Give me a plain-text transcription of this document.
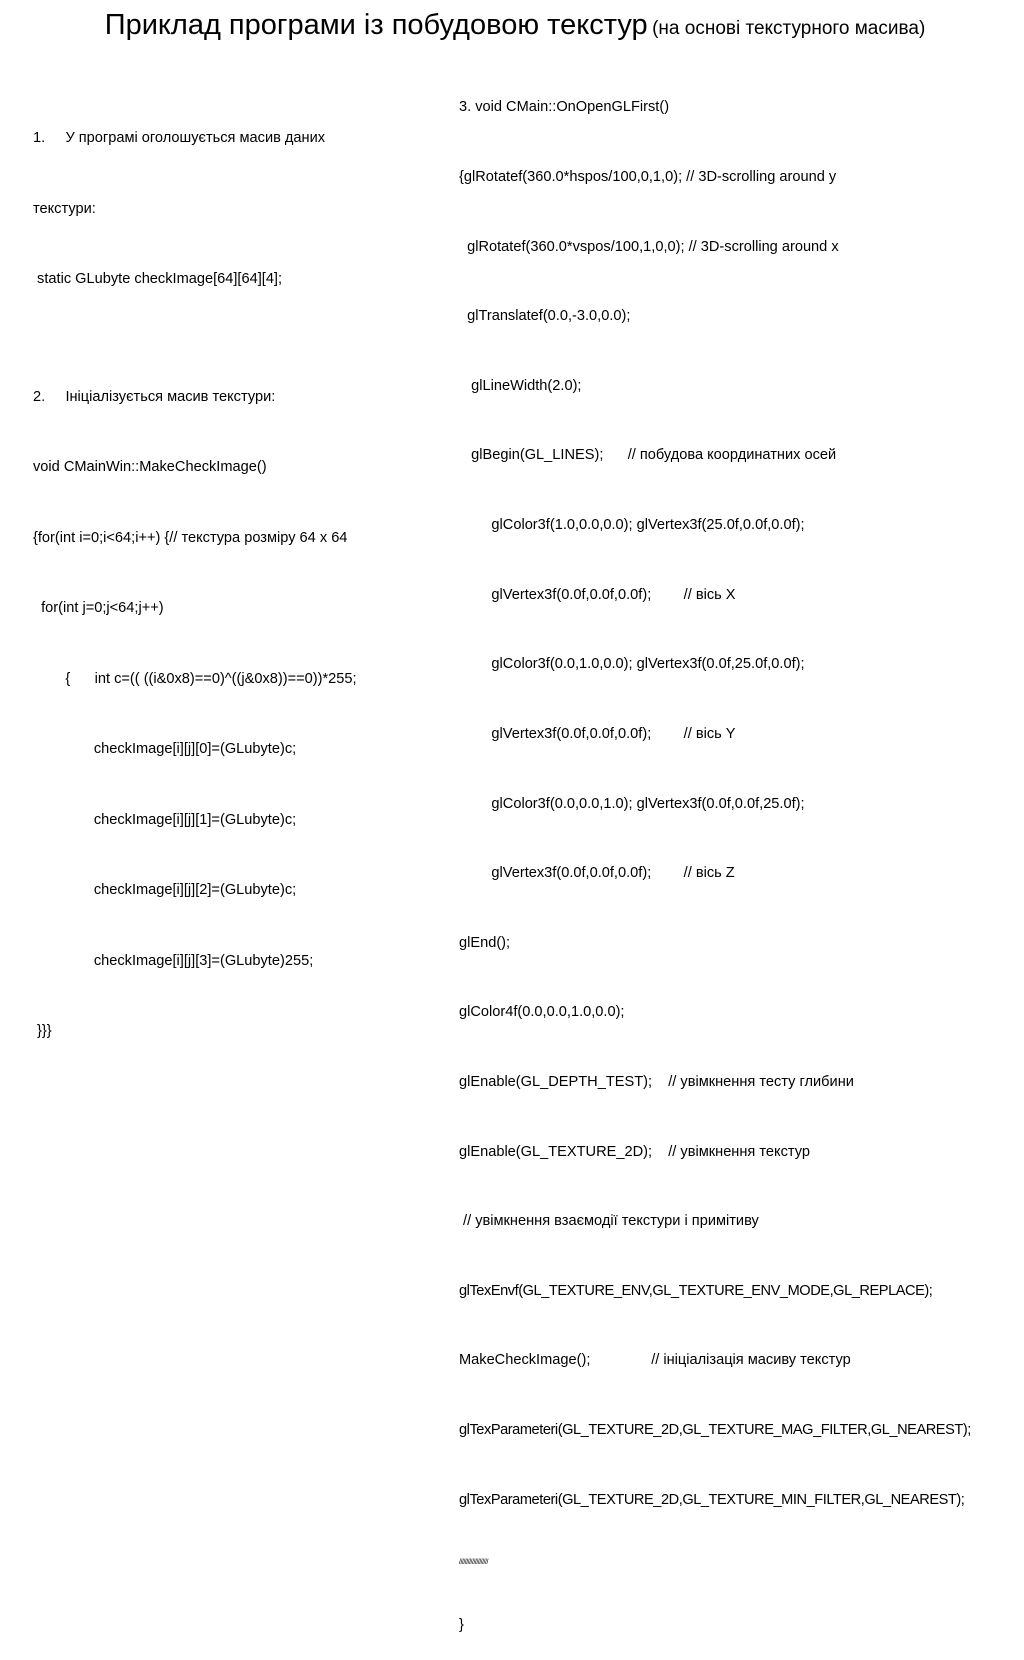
Приклад програми із побудовою текстур (на основі текстурного масива)

1.     У програмі оголошується масив даних

текстури:

static GLubyte checkImage[64][64][4];

2.     Ініціалізується масив текстури:

void CMainWin::MakeCheckImage()

{for(int i=0;i<64;i++) {// текстура розміру 64 х 64

for(int j=0;j<64;j++)

{      int c=(( ((i&0x8)==0)^((j&0x8))==0))*255;

checkImage[i][j][0]=(GLubyte)c;

checkImage[i][j][1]=(GLubyte)c;

checkImage[i][j][2]=(GLubyte)c;

checkImage[i][j][3]=(GLubyte)255;

}}}

3. void CMain::OnOpenGLFirst()

{glRotatef(360.0*hspos/100,0,1,0); // 3D-scrolling around y

glRotatef(360.0*vspos/100,1,0,0); // 3D-scrolling around x

glTranslatef(0.0,-3.0,0.0);

glLineWidth(2.0);

glBegin(GL_LINES);      // побудова координатних осей

glColor3f(1.0,0.0,0.0); glVertex3f(25.0f,0.0f,0.0f);

glVertex3f(0.0f,0.0f,0.0f);        // вісь X

glColor3f(0.0,1.0,0.0); glVertex3f(0.0f,25.0f,0.0f);

glVertex3f(0.0f,0.0f,0.0f);        // вісь Y

glColor3f(0.0,0.0,1.0); glVertex3f(0.0f,0.0f,25.0f);

glVertex3f(0.0f,0.0f,0.0f);        // вісь Z

glEnd();

glColor4f(0.0,0.0,1.0,0.0);

glEnable(GL_DEPTH_TEST);    // увімкнення тесту глибини

glEnable(GL_TEXTURE_2D);    // увімкнення текстур

// увімкнення взаємодії текстури і примітиву

glTexEnvf(GL_TEXTURE_ENV,GL_TEXTURE_ENV_MODE,GL_REPLACE);

MakeCheckImage();               // ініціалізація масиву текстур

glTexParameteri(GL_TEXTURE_2D,GL_TEXTURE_MAG_FILTER,GL_NEAREST);

glTexParameteri(GL_TEXTURE_2D,GL_TEXTURE_MIN_FILTER,GL_NEAREST);

////////////////////

}
